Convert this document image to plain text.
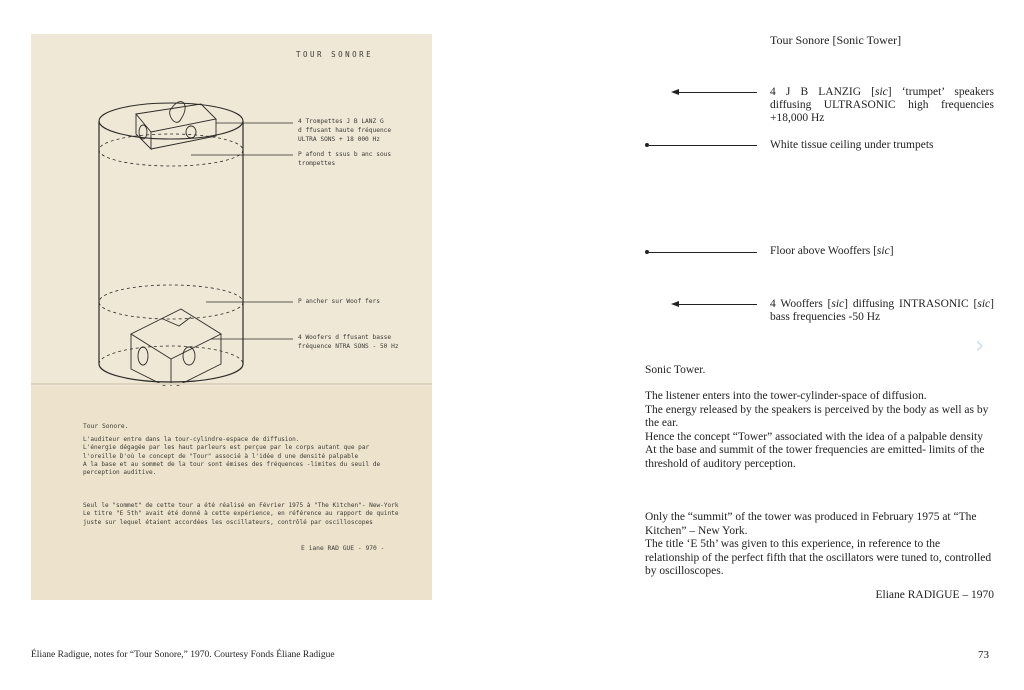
TOUR SONORE
4 Trompettes J B LANZ G d ffusant haute fréquence ULTRA SONS + 18 000 Hz
P afond t ssus b anc sous trompettes
P ancher sur Woof fers
4 Woofers d ffusant basse fréquence NTRA SONS - 50 Hz
Tour Sonore.
L'auditeur entre dans la tour-cylindre-espace de diffusion.
L'énergie dégagée par les haut parleurs est perçue par le corps autant que par
l'oreille D'où le concept de "Tour" associé à l'idée d une densité palpable
A la base et au sommet de la tour sont émises des fréquences -limites du seuil de
perception auditive.
Seul le "sommet" de cette tour a été réalisé en Février 1975 à "The Kitchen"- New-York
Le titre "E 5th" avait été donné à cette expérience, en référence au rapport de quinte
juste sur lequel étaient accordées les oscillateurs, contrôlé par oscilloscopes
E iane RAD GUE - 970 -
Tour Sonore [Sonic Tower]
4 J B LANZIG [sic] ‘trumpet’ speakers diffusing ULTRASONIC high frequencies +18,000 Hz
White tissue ceiling under trumpets
Floor above Wooffers [sic]
4 Wooffers [sic] diffusing INTRASONIC [sic] bass frequencies -50 Hz
›
Sonic Tower.

The listener enters into the tower-cylinder-space of diffusion.

The energy released by the speakers is perceived by the body as well as by the ear.

Hence the concept “Tower” associated with the idea of a palpable density

At the base and summit of the tower frequencies are emitted- limits of the threshold of auditory perception.

Only the “summit” of the tower was produced in February 1975 at “The Kitchen” – New York.

The title ‘E 5th’ was given to this experience, in reference to the relationship of the perfect fifth that the oscillators were tuned to, controlled by oscilloscopes.

Eliane RADIGUE – 1970
Éliane Radigue, notes for “Tour Sonore,” 1970. Courtesy Fonds Éliane Radigue	73
